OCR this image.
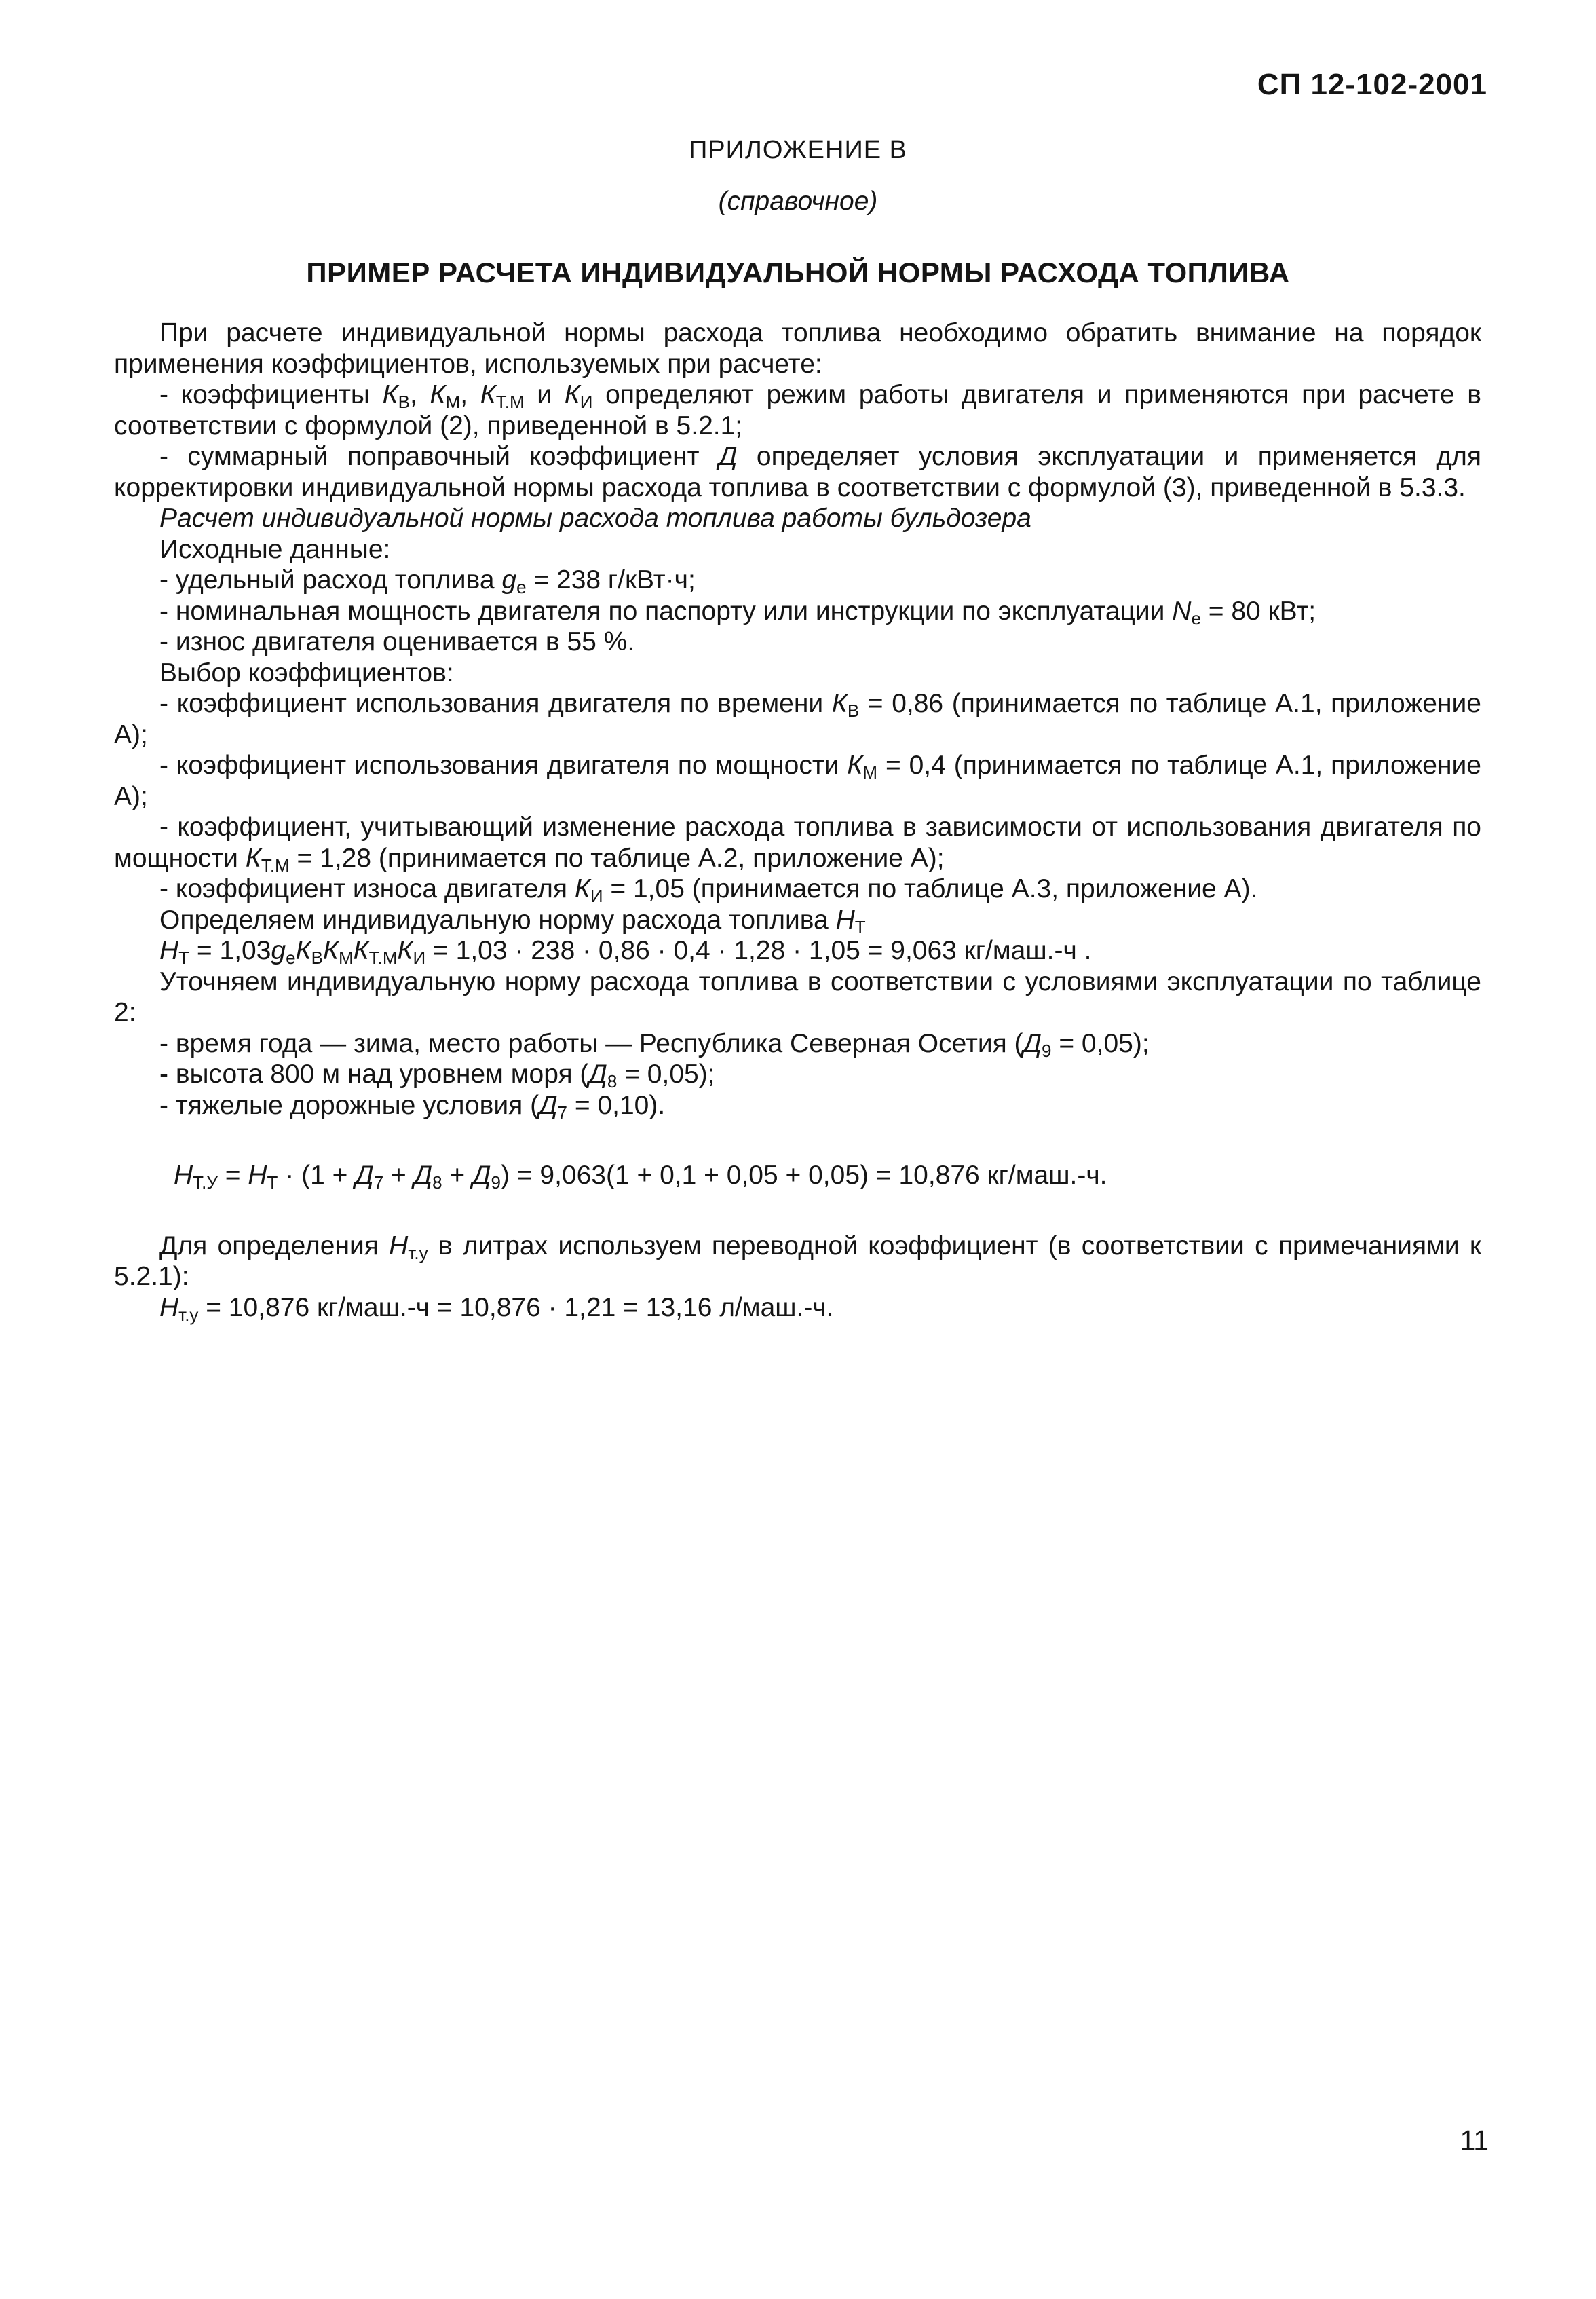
СП 12-102-2001
ПРИЛОЖЕНИЕ В
(справочное)
ПРИМЕР РАСЧЕТА ИНДИВИДУАЛЬНОЙ НОРМЫ РАСХОДА ТОПЛИВА

При расчете индивидуальной нормы расхода топлива необходимо обратить внимание на порядок применения коэффициентов, используемых при расчете:

- коэффициенты $К_В$, $К_М$, $К_{Т.М}$ и $К_И$ определяют режим работы двигателя и применяются при расчете в соответствии с формулой (2), приведенной в 5.2.1;

- суммарный поправочный коэффициент Д определяет условия эксплуатации и применяется для корректировки индивидуальной нормы расхода топлива в соответствии с формулой (3), приведенной в 5.3.3.

Расчет индивидуальной нормы расхода топлива работы бульдозера

Исходные данные:

- удельный расход топлива $g_е = 238$ г/кВт·ч;

- номинальная мощность двигателя по паспорту или инструкции по эксплуатации $N_е = 80$ кВт;

- износ двигателя оценивается в 55 %.

Выбор коэффициентов:

- коэффициент использования двигателя по времени $К_В = 0,86$ (принимается по таблице А.1, приложение А);

- коэффициент использования двигателя по мощности $К_М = 0,4$ (принимается по таблице А.1, приложение А);

- коэффициент, учитывающий изменение расхода топлива в зависимости от использования двигателя по мощности $К_{Т.М} = 1,28$ (принимается по таблице А.2, приложение А);

- коэффициент износа двигателя $К_И = 1,05$ (принимается по таблице А.3, приложение А).

Определяем индивидуальную норму расхода топлива $Н_Т$

$Н_Т = 1,03g_еК_ВК_МК_{Т.М}К_И = 1,03 \cdot 238 \cdot 0,86 \cdot 0,4 \cdot 1,28 \cdot 1,05 = 9,063$ кг/маш.-ч .

Уточняем индивидуальную норму расхода топлива в соответствии с условиями эксплуатации по таблице 2:

- время года — зима, место работы — Республика Северная Осетия $(Д_9 = 0,05)$;

- высота 800 м над уровнем моря $(Д_8 = 0,05)$;

- тяжелые дорожные условия $(Д_7 = 0,10)$.

$Н_{Т.У} = Н_Т \cdot (1 + Д_7 + Д_8 + Д_9) = 9,063(1 + 0,1 + 0,05 + 0,05) = 10,876$ кг/маш.-ч.

Для определения $Н_{т.у}$ в литрах используем переводной коэффициент (в соответствии с примечаниями к 5.2.1):

$Н_{т.у} = 10,876$ кг/маш.-ч = 10,876 · 1,21 = 13,16 л/маш.-ч.

11
